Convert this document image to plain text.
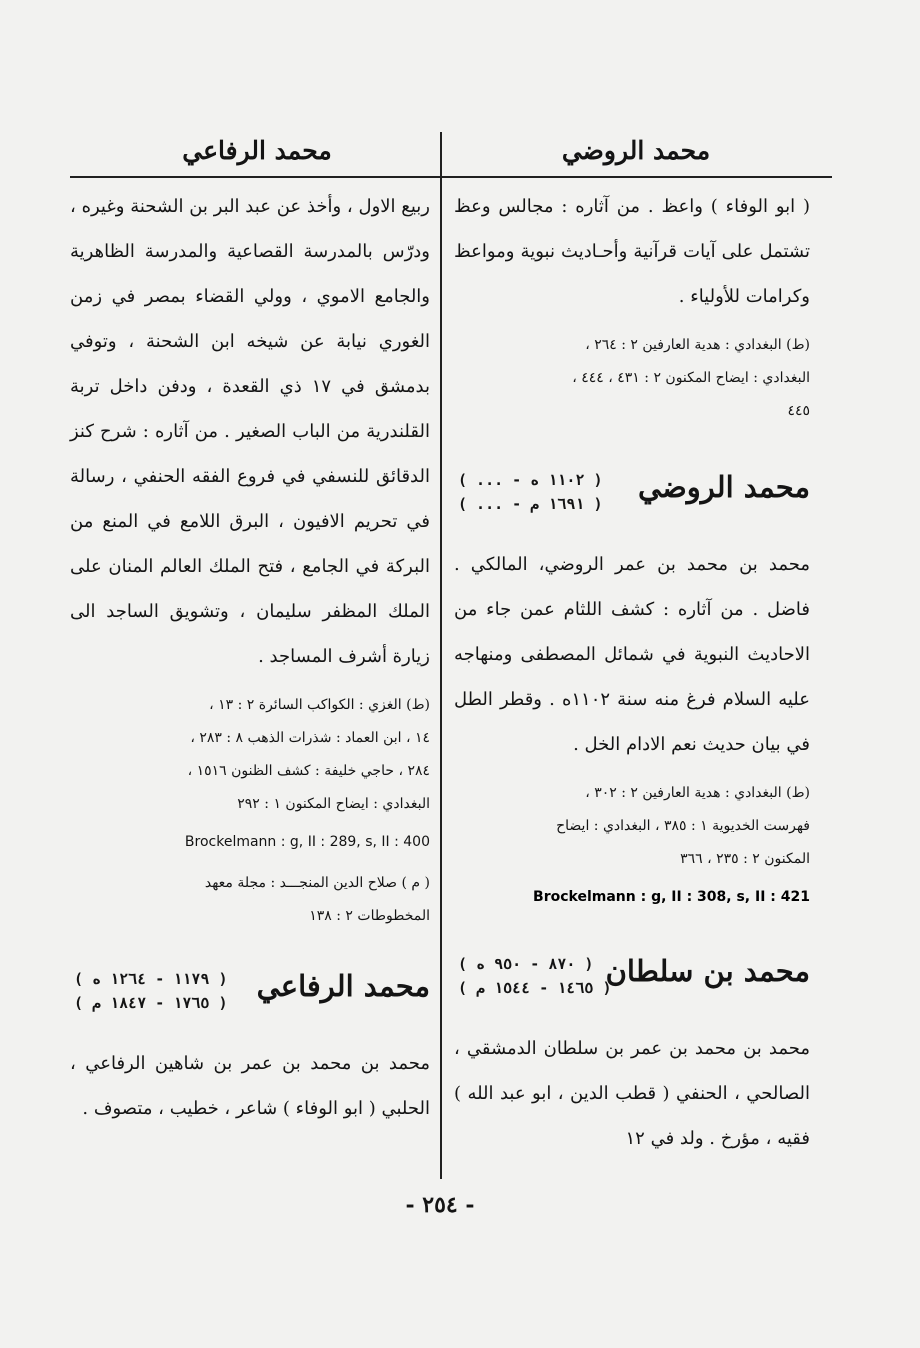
محمد الروضي
محمد الرفاعي

( ابو الوفاء ) واعظ . من آثاره : مجالس وعظ تشتمل على آيات قرآنية وأحـاديث نبوية ومواعظ وكرامات للأولياء .

(ط) البغدادي : هدية العارفين ٢ : ٢٦٤ ،
البغدادي : ايضاح المكنون ٢ : ٤٣١ ، ٤٤٤ ،
٤٤٥
محمد الروضي
( ... - ١١٠٢ ه )
( ... - ١٦٩١ م )

محمد بن محمد بن عمر الروضي، المالكي . فاضل . من آثاره : كشف اللثام عمن جاء من الاحاديث النبوية في شمائل المصطفى ومنهاجه عليه السلام فرغ منه سنة ١١٠٢ه . وقطر الطل في بيان حديث نعم الادام الخل .

(ط) البغدادي : هدية العارفين ٢ : ٣٠٢ ،
فهرست الخديوية ١ : ٣٨٥ ، البغدادي : ايضاح
المكنون ٢ : ٢٣٥ ، ٣٦٦
Brockelmann : g, II : 308, s, II : 421
محمد بن سلطان
( ٨٧٠ - ٩٥٠ ه )
( ١٤٦٥ - ١٥٤٤ م )

محمد بن محمد بن عمر بن سلطان الدمشقي ، الصالحي ، الحنفي ( قطب الدين ، ابو عبد الله ) فقيه ، مؤرخ . ولد في ١٢

ربيع الاول ، وأخذ عن عبد البر بن الشحنة وغيره ، ودرّس بالمدرسة القصاعية والمدرسة الظاهرية والجامع الاموي ، وولي القضاء بمصر في زمن الغوري نيابة عن شيخه ابن الشحنة ، وتوفي بدمشق في ١٧ ذي القعدة ، ودفن داخل تربة القلندرية من الباب الصغير . من آثاره : شرح كنز الدقائق للنسفي في فروع الفقه الحنفي ، رسالة في تحريم الافيون ، البرق اللامع في المنع من البركة في الجامع ، فتح الملك العالم المنان على الملك المظفر سليمان ، وتشويق الساجد الى زيارة أشرف المساجد .

(ط) الغزي : الكواكب السائرة ٢ : ١٣ ،
١٤ ، ابن العماد : شذرات الذهب ٨ : ٢٨٣ ،
٢٨٤ ، حاجي خليفة : كشف الظنون ١٥١٦ ،
البغدادي : ايضاح المكنون ١ : ٢٩٢
Brockelmann : g, II : 289, s, II : 400
( م ) صلاح الدين المنجـــد : مجلة معهد
المخطوطات ٢ : ١٣٨
محمد الرفاعي
( ١١٧٩ - ١٢٦٤ ه )
( ١٧٦٥ - ١٨٤٧ م )

محمد بن محمد بن عمر بن شاهين الرفاعي ، الحلبي ( ابو الوفاء ) شاعر ، خطيب ، متصوف .

- ٢٥٤ -
